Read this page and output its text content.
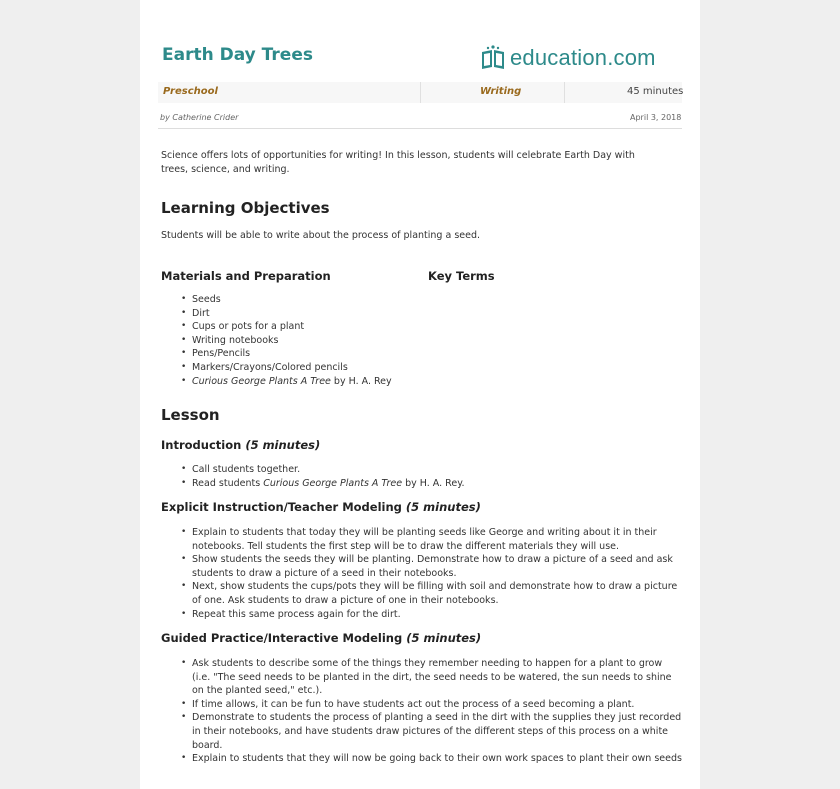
Earth Day Trees	education.com
Preschool	Writing	45 minutes
by Catherine Crider	April 3, 2018
Science offers lots of opportunities for writing! In this lesson, students will celebrate Earth Day with trees, science, and writing.
Learning Objectives
Students will be able to write about the process of planting a seed.
Materials and Preparation	Key Terms
• Seeds
• Dirt
• Cups or pots for a plant
• Writing notebooks
• Pens/Pencils
• Markers/Crayons/Colored pencils
• Curious George Plants A Tree by H. A. Rey
Lesson
Introduction (5 minutes)
• Call students together.
• Read students Curious George Plants A Tree by H. A. Rey.
Explicit Instruction/Teacher Modeling (5 minutes)
• Explain to students that today they will be planting seeds like George and writing about it in their notebooks. Tell students the first step will be to draw the different materials they will use.
• Show students the seeds they will be planting. Demonstrate how to draw a picture of a seed and ask students to draw a picture of a seed in their notebooks.
• Next, show students the cups/pots they will be filling with soil and demonstrate how to draw a picture of one. Ask students to draw a picture of one in their notebooks.
• Repeat this same process again for the dirt.
Guided Practice/Interactive Modeling (5 minutes)
• Ask students to describe some of the things they remember needing to happen for a plant to grow (i.e. "The seed needs to be planted in the dirt, the seed needs to be watered, the sun needs to shine on the planted seed," etc.).
• If time allows, it can be fun to have students act out the process of a seed becoming a plant.
• Demonstrate to students the process of planting a seed in the dirt with the supplies they just recorded in their notebooks, and have students draw pictures of the different steps of this process on a white board.
• Explain to students that they will now be going back to their own work spaces to plant their own seeds
